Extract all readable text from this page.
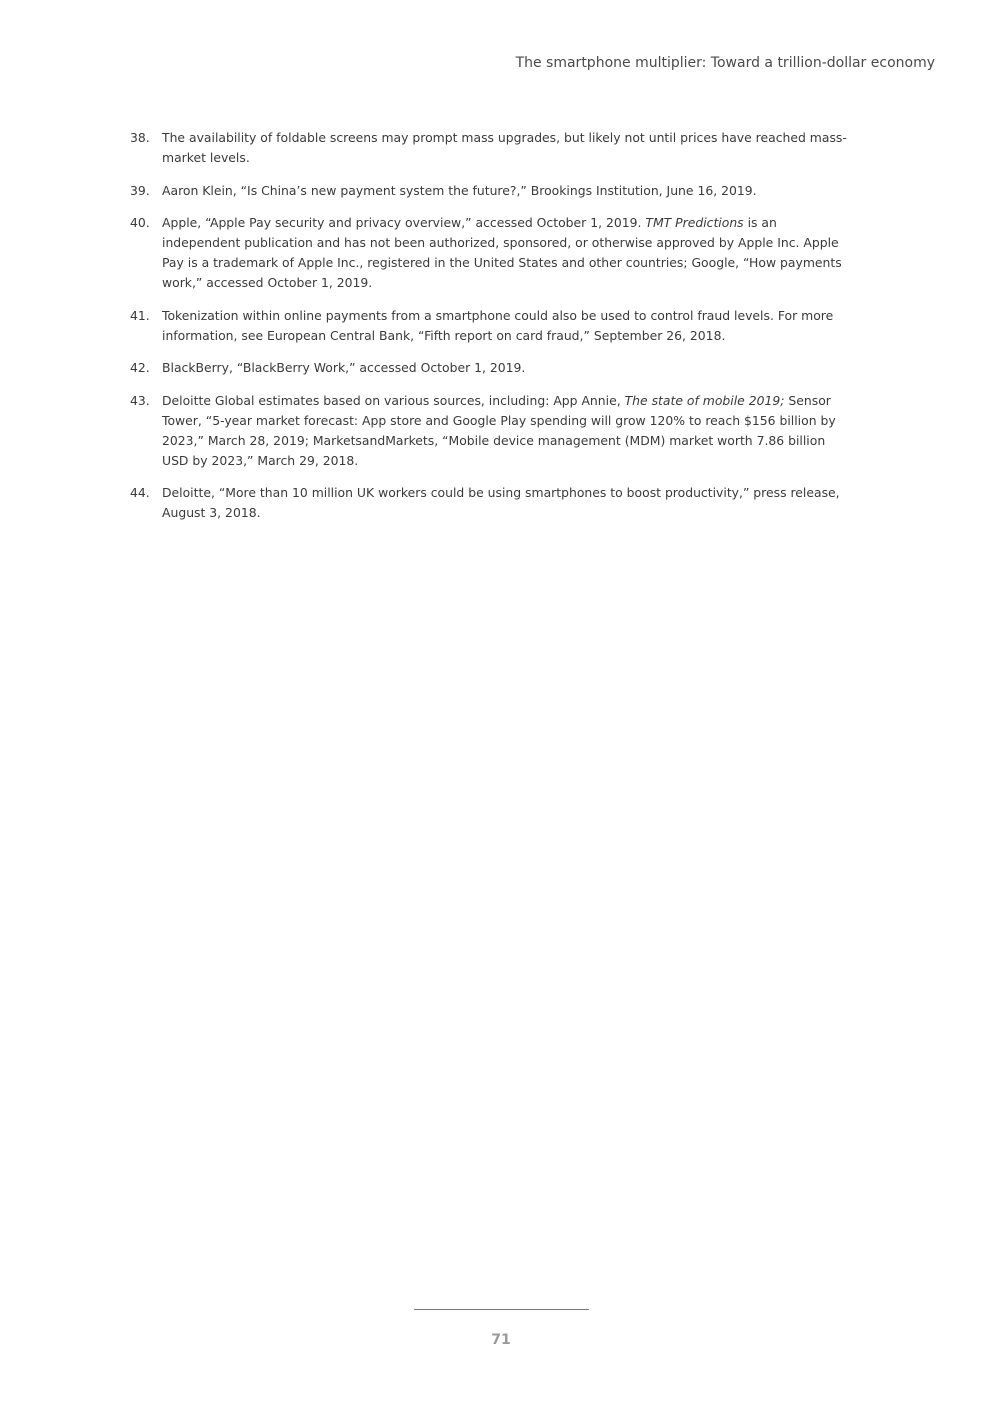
The smartphone multiplier: Toward a trillion-dollar economy
38. The availability of foldable screens may prompt mass upgrades, but likely not until prices have reached mass-market levels.
39. Aaron Klein, “Is China’s new payment system the future?,” Brookings Institution, June 16, 2019.
40. Apple, “Apple Pay security and privacy overview,” accessed October 1, 2019. TMT Predictions is an independent publication and has not been authorized, sponsored, or otherwise approved by Apple Inc. Apple Pay is a trademark of Apple Inc., registered in the United States and other countries; Google, “How payments work,” accessed October 1, 2019.
41. Tokenization within online payments from a smartphone could also be used to control fraud levels. For more information, see European Central Bank, “Fifth report on card fraud,” September 26, 2018.
42. BlackBerry, “BlackBerry Work,” accessed October 1, 2019.
43. Deloitte Global estimates based on various sources, including: App Annie, The state of mobile 2019; Sensor Tower, “5-year market forecast: App store and Google Play spending will grow 120% to reach $156 billion by 2023,” March 28, 2019; MarketsandMarkets, “Mobile device management (MDM) market worth 7.86 billion USD by 2023,” March 29, 2018.
44. Deloitte, “More than 10 million UK workers could be using smartphones to boost productivity,” press release, August 3, 2018.
71
